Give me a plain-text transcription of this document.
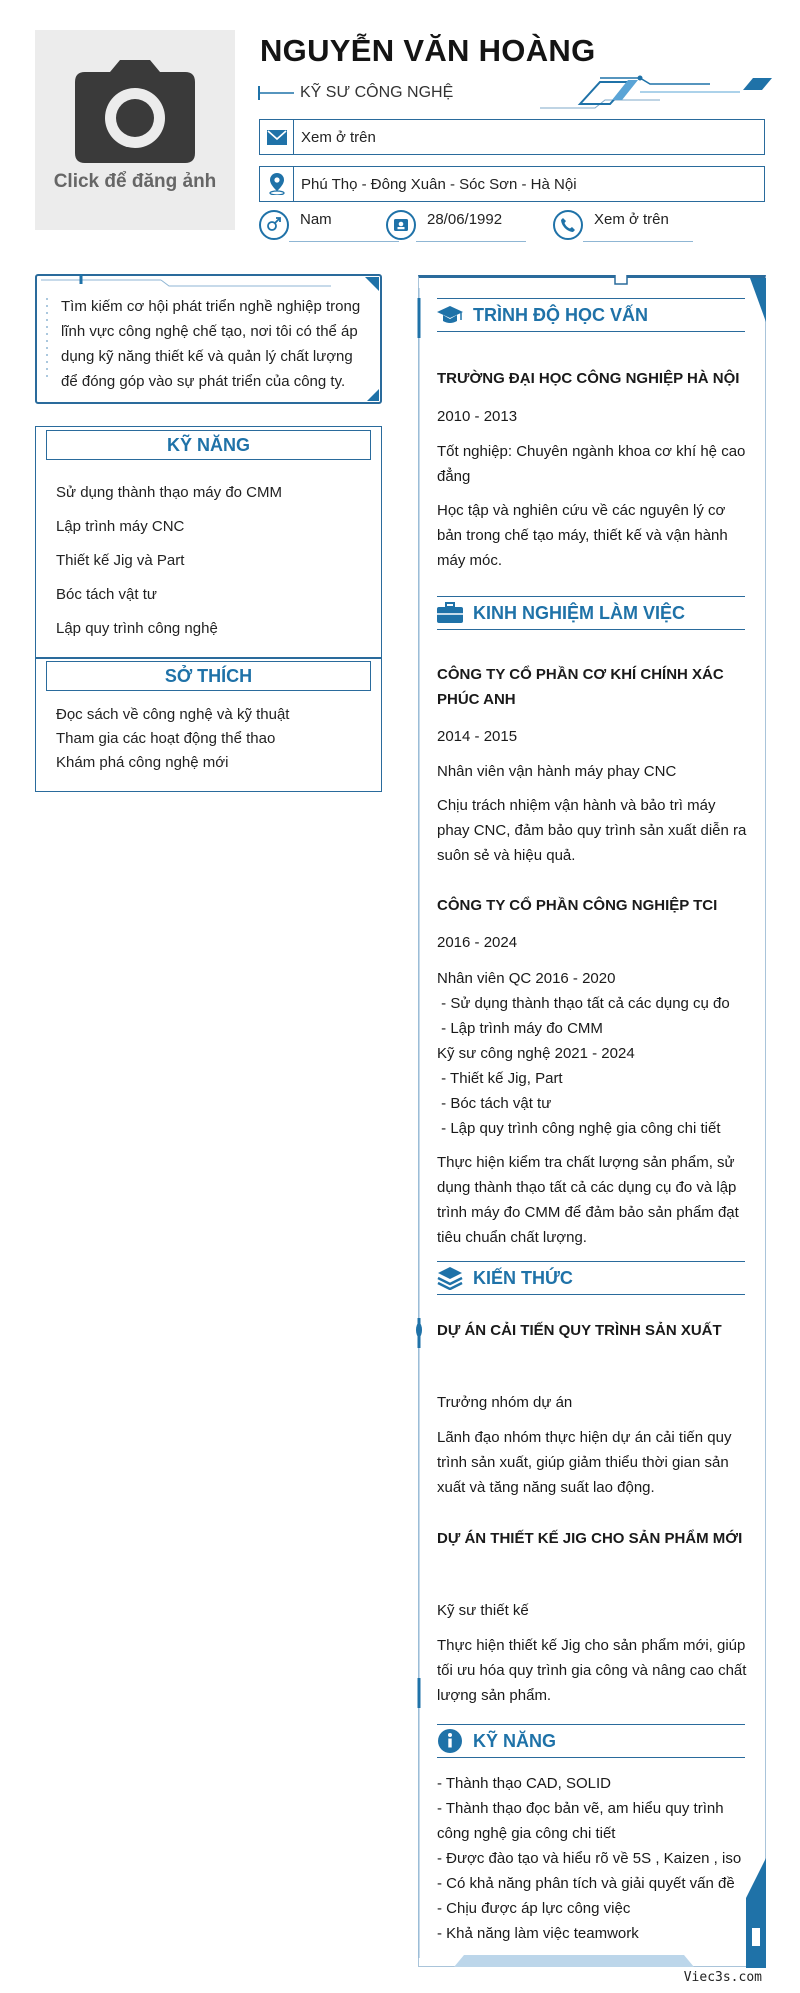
Click để đăng ảnh
NGUYỄN VĂN HOÀNG
KỸ SƯ CÔNG NGHỆ
Xem ở trên
Phú Thọ - Đông Xuân - Sóc Sơn - Hà Nội
Nam	28/06/1992	Xem ở trên
Tìm kiếm cơ hội phát triển nghề nghiệp trong lĩnh vực công nghệ chế tạo, nơi tôi có thể áp dụng kỹ năng thiết kế và quản lý chất lượng để đóng góp vào sự phát triển của công ty.
KỸ NĂNG
Sử dụng thành thạo máy đo CMM
Lập trình máy CNC
Thiết kế Jig và Part
Bóc tách vật tư
Lập quy trình công nghệ
SỞ THÍCH
Đọc sách về công nghệ và kỹ thuật
Tham gia các hoạt động thể thao
Khám phá công nghệ mới
TRÌNH ĐỘ HỌC VẤN
TRƯỜNG ĐẠI HỌC CÔNG NGHIỆP HÀ NỘI
2010 - 2013
Tốt nghiệp: Chuyên ngành khoa cơ khí hệ cao đẳng
Học tập và nghiên cứu về các nguyên lý cơ bản trong chế tạo máy, thiết kế và vận hành máy móc.
KINH NGHIỆM LÀM VIỆC
CÔNG TY CỔ PHẦN CƠ KHÍ CHÍNH XÁC PHÚC ANH
2014 - 2015
Nhân viên vận hành máy phay CNC
Chịu trách nhiệm vận hành và bảo trì máy phay CNC, đảm bảo quy trình sản xuất diễn ra suôn sẻ và hiệu quả.
CÔNG TY CỔ PHẦN CÔNG NGHIỆP TCI
2016 - 2024
Nhân viên QC 2016 - 2020
- Sử dụng thành thạo tất cả các dụng cụ đo
- Lập trình máy đo CMM
Kỹ sư công nghệ 2021 - 2024
- Thiết kế Jig, Part
- Bóc tách vật tư
- Lập quy trình công nghệ gia công chi tiết
Thực hiện kiểm tra chất lượng sản phẩm, sử dụng thành thạo tất cả các dụng cụ đo và lập trình máy đo CMM để đảm bảo sản phẩm đạt tiêu chuẩn chất lượng.
KIẾN THỨC
DỰ ÁN CẢI TIẾN QUY TRÌNH SẢN XUẤT
Trưởng nhóm dự án
Lãnh đạo nhóm thực hiện dự án cải tiến quy trình sản xuất, giúp giảm thiểu thời gian sản xuất và tăng năng suất lao động.
DỰ ÁN THIẾT KẾ JIG CHO SẢN PHẨM MỚI
Kỹ sư thiết kế
Thực hiện thiết kế Jig cho sản phẩm mới, giúp tối ưu hóa quy trình gia công và nâng cao chất lượng sản phẩm.
KỸ NĂNG
- Thành thạo CAD, SOLID
- Thành thạo đọc bản vẽ, am hiểu quy trình công nghệ gia công chi tiết
- Được đào tạo và hiểu rõ về 5S , Kaizen , iso
- Có khả năng phân tích và giải quyết vấn đề
- Chịu được áp lực công việc
- Khả năng làm việc teamwork
Viec3s.com
